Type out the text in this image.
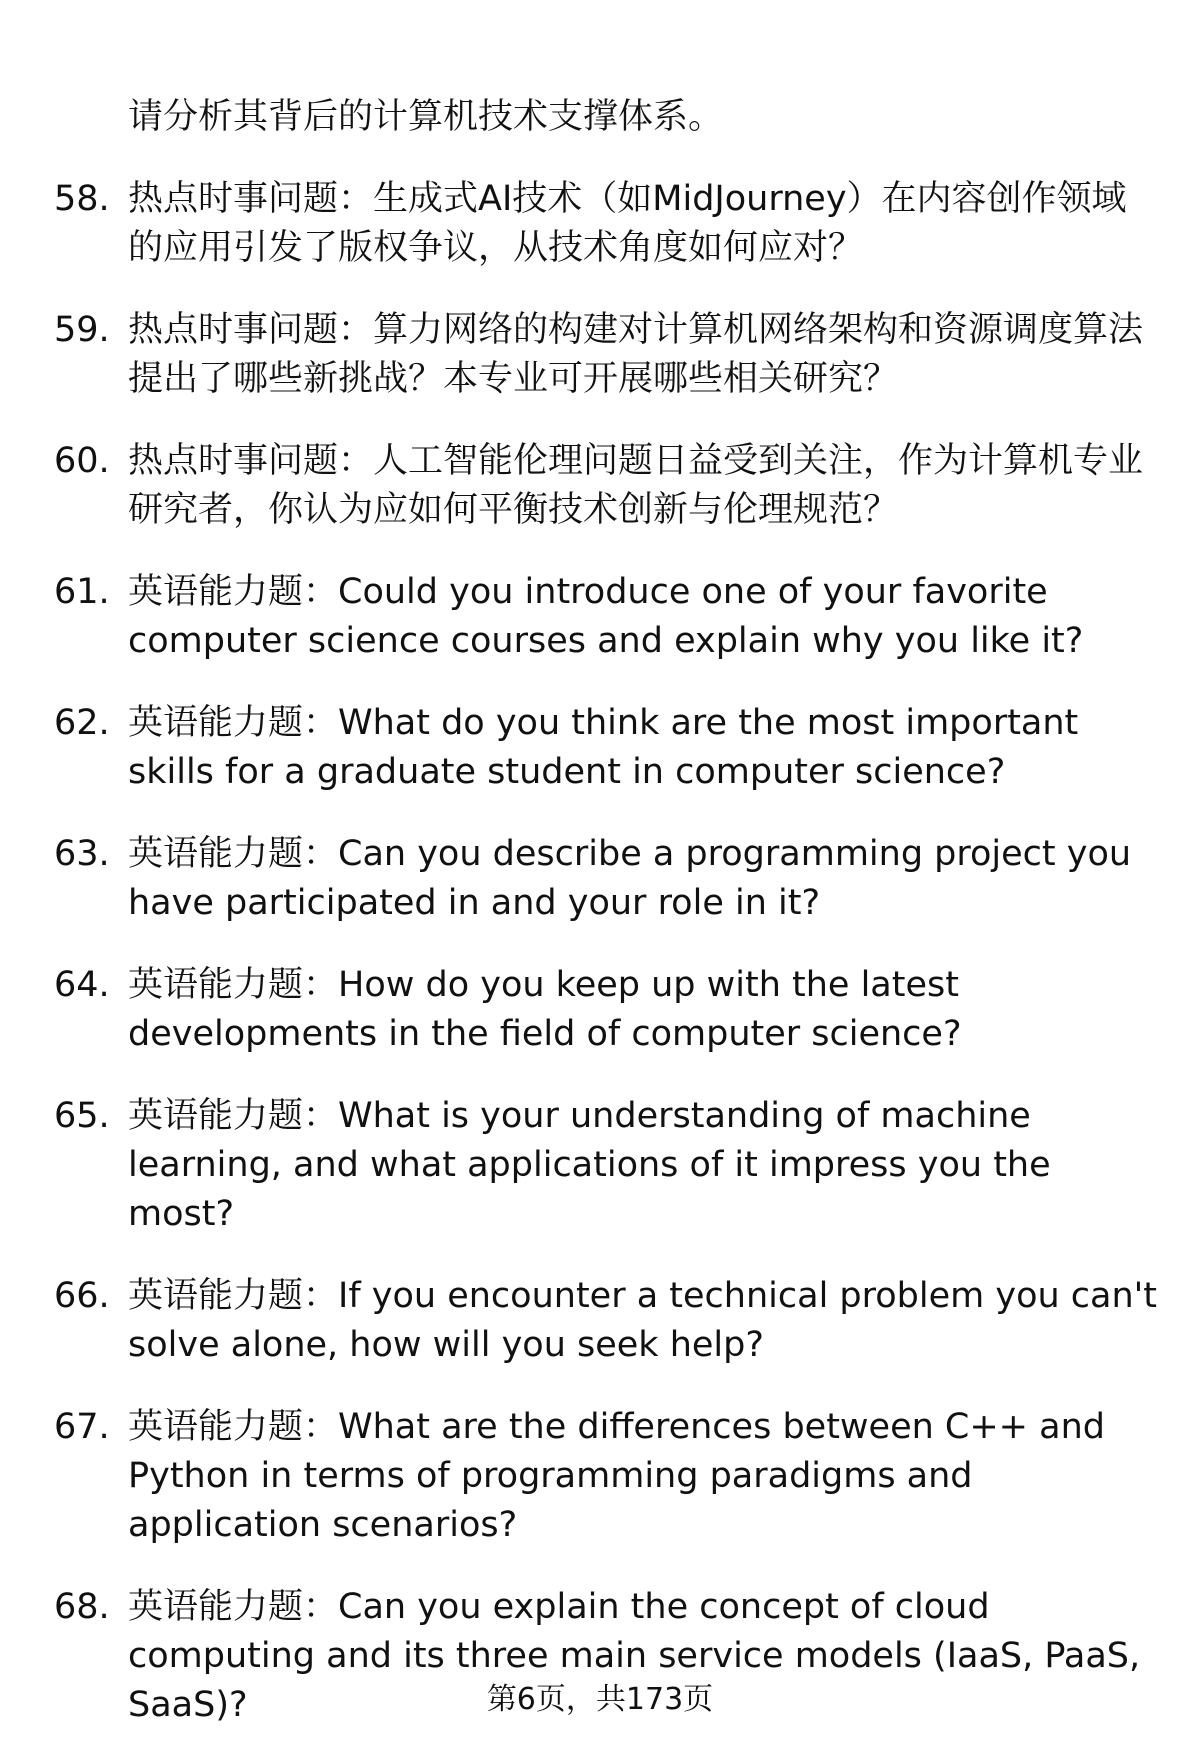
请分析其背后的计算机技术支撑体系。

58. 热点时事问题：生成式AI技术（如MidJourney）在内容创作领域的应用引发了版权争议，从技术角度如何应对？
59. 热点时事问题：算力网络的构建对计算机网络架构和资源调度算法提出了哪些新挑战？本专业可开展哪些相关研究？
60. 热点时事问题：人工智能伦理问题日益受到关注，作为计算机专业研究者，你认为应如何平衡技术创新与伦理规范？
61. 英语能力题：Could you introduce one of your favorite computer science courses and explain why you like it?
62. 英语能力题：What do you think are the most important skills for a graduate student in computer science?
63. 英语能力题：Can you describe a programming project you have participated in and your role in it?
64. 英语能力题：How do you keep up with the latest developments in the field of computer science?
65. 英语能力题：What is your understanding of machine learning, and what applications of it impress you the most?
66. 英语能力题：If you encounter a technical problem you can't solve alone, how will you seek help?
67. 英语能力题：What are the differences between C++ and Python in terms of programming paradigms and application scenarios?
68. 英语能力题：Can you explain the concept of cloud computing and its three main service models (IaaS, PaaS, SaaS)?	第6页，共173页
